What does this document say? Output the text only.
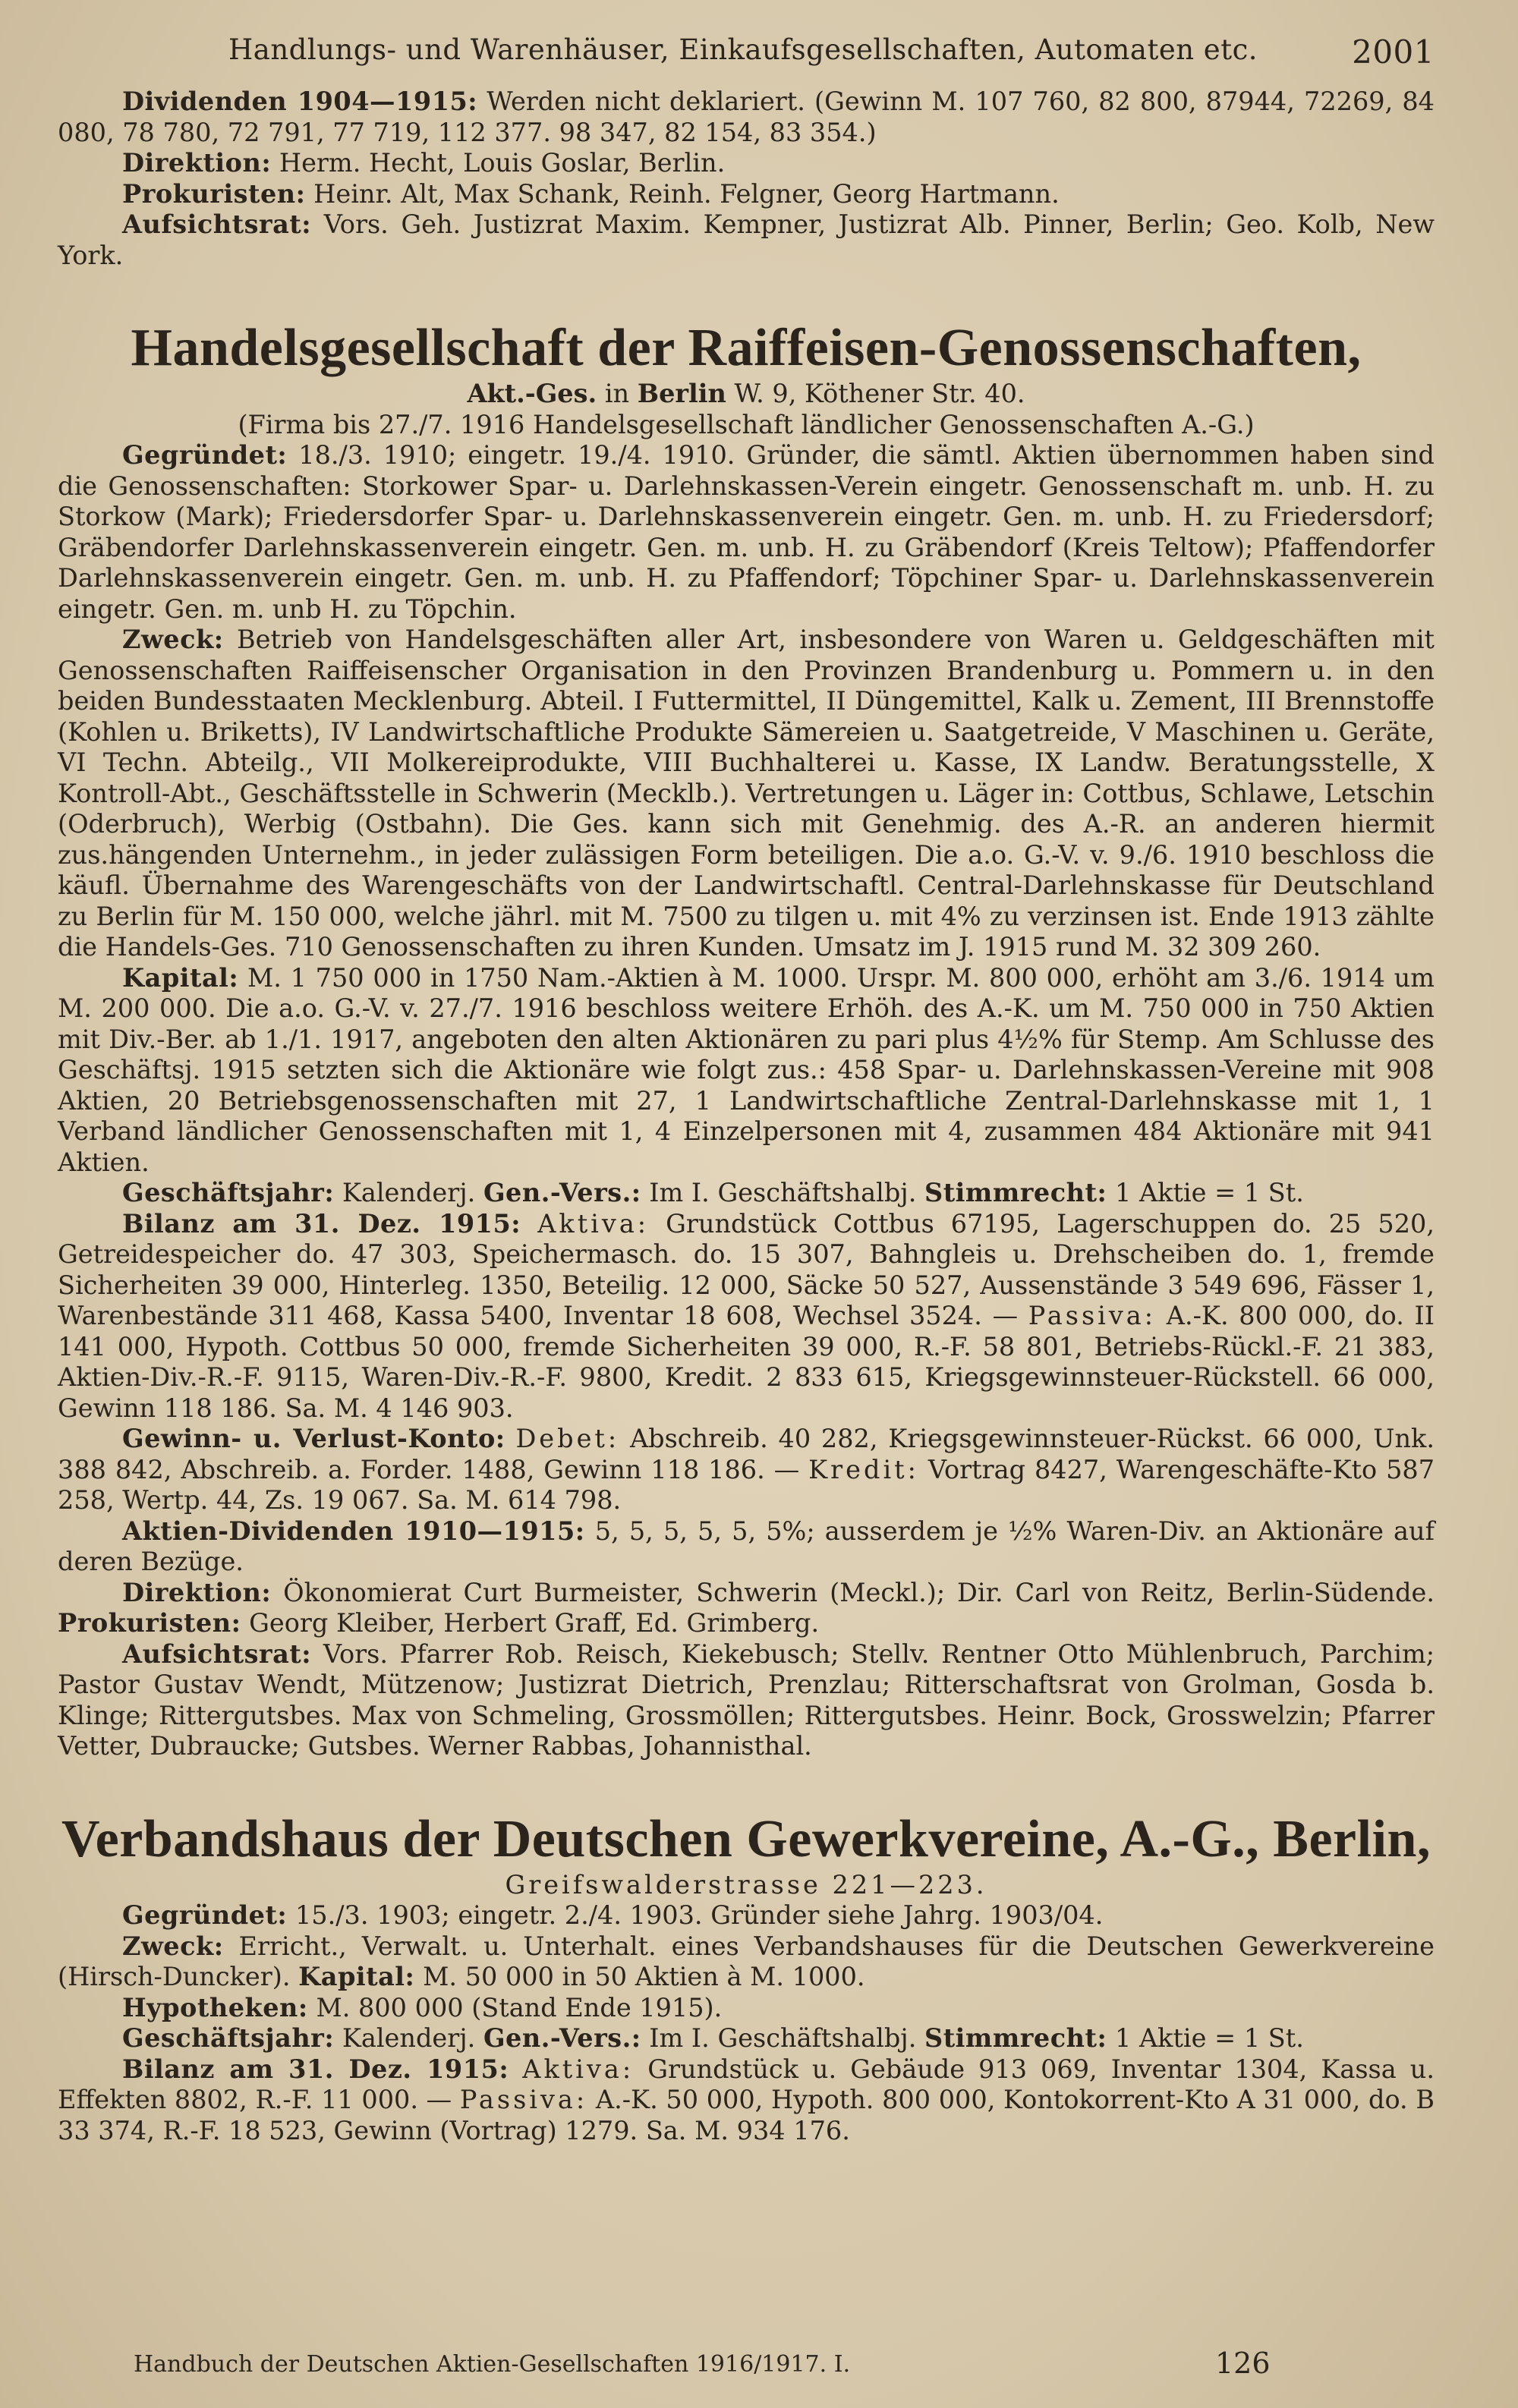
Handlungs- und Warenhäuser, Einkaufsgesellschaften, Automaten etc.	2001

Dividenden 1904—1915: Werden nicht deklariert. (Gewinn M. 107 760, 82 800, 87944, 72269, 84 080, 78 780, 72 791, 77 719, 112 377. 98 347, 82 154, 83 354.)

Direktion: Herm. Hecht, Louis Goslar, Berlin.

Prokuristen: Heinr. Alt, Max Schank, Reinh. Felgner, Georg Hartmann.

Aufsichtsrat: Vors. Geh. Justizrat Maxim. Kempner, Justizrat Alb. Pinner, Berlin; Geo. Kolb, New York.

Handelsgesellschaft der Raiffeisen-Genossenschaften,

Akt.-Ges. in Berlin W. 9, Köthener Str. 40.

(Firma bis 27./7. 1916 Handelsgesellschaft ländlicher Genossenschaften A.-G.)

Gegründet: 18./3. 1910; eingetr. 19./4. 1910. Gründer, die sämtl. Aktien übernommen haben sind die Genossenschaften: Storkower Spar- u. Darlehnskassen-Verein eingetr. Genossenschaft m. unb. H. zu Storkow (Mark); Friedersdorfer Spar- u. Darlehnskassenverein eingetr. Gen. m. unb. H. zu Friedersdorf; Gräbendorfer Darlehnskassenverein eingetr. Gen. m. unb. H. zu Gräbendorf (Kreis Teltow); Pfaffendorfer Darlehnskassenverein eingetr. Gen. m. unb. H. zu Pfaffendorf; Töpchiner Spar- u. Darlehnskassenverein eingetr. Gen. m. unb H. zu Töpchin.

Zweck: Betrieb von Handelsgeschäften aller Art, insbesondere von Waren u. Geldgeschäften mit Genossenschaften Raiffeisenscher Organisation in den Provinzen Brandenburg u. Pommern u. in den beiden Bundesstaaten Mecklenburg. Abteil. I Futtermittel, II Düngemittel, Kalk u. Zement, III Brennstoffe (Kohlen u. Briketts), IV Landwirtschaftliche Produkte Sämereien u. Saatgetreide, V Maschinen u. Geräte, VI Techn. Abteilg., VII Molkereiprodukte, VIII Buchhalterei u. Kasse, IX Landw. Beratungsstelle, X Kontroll-Abt., Geschäftsstelle in Schwerin (Mecklb.). Vertretungen u. Läger in: Cottbus, Schlawe, Letschin (Oderbruch), Werbig (Ostbahn). Die Ges. kann sich mit Genehmig. des A.-R. an anderen hiermit zus.hängenden Unternehm., in jeder zulässigen Form beteiligen. Die a.o. G.-V. v. 9./6. 1910 beschloss die käufl. Übernahme des Warengeschäfts von der Landwirtschaftl. Central-Darlehnskasse für Deutschland zu Berlin für M. 150 000, welche jährl. mit M. 7500 zu tilgen u. mit 4% zu verzinsen ist. Ende 1913 zählte die Handels-Ges. 710 Genossenschaften zu ihren Kunden. Umsatz im J. 1915 rund M. 32 309 260.

Kapital: M. 1 750 000 in 1750 Nam.-Aktien à M. 1000. Urspr. M. 800 000, erhöht am 3./6. 1914 um M. 200 000. Die a.o. G.-V. v. 27./7. 1916 beschloss weitere Erhöh. des A.-K. um M. 750 000 in 750 Aktien mit Div.-Ber. ab 1./1. 1917, angeboten den alten Aktionären zu pari plus 4½% für Stemp. Am Schlusse des Geschäftsj. 1915 setzten sich die Aktionäre wie folgt zus.: 458 Spar- u. Darlehnskassen-Vereine mit 908 Aktien, 20 Betriebsgenossenschaften mit 27, 1 Landwirtschaftliche Zentral-Darlehnskasse mit 1, 1 Verband ländlicher Genossenschaften mit 1, 4 Einzelpersonen mit 4, zusammen 484 Aktionäre mit 941 Aktien.

Geschäftsjahr: Kalenderj. Gen.-Vers.: Im I. Geschäftshalbj. Stimmrecht: 1 Aktie = 1 St.

Bilanz am 31. Dez. 1915: Aktiva: Grundstück Cottbus 67195, Lagerschuppen do. 25 520, Getreidespeicher do. 47 303, Speichermasch. do. 15 307, Bahngleis u. Drehscheiben do. 1, fremde Sicherheiten 39 000, Hinterleg. 1350, Beteilig. 12 000, Säcke 50 527, Aussenstände 3 549 696, Fässer 1, Warenbestände 311 468, Kassa 5400, Inventar 18 608, Wechsel 3524. — Passiva: A.-K. 800 000, do. II 141 000, Hypoth. Cottbus 50 000, fremde Sicherheiten 39 000, R.-F. 58 801, Betriebs-Rückl.-F. 21 383, Aktien-Div.-R.-F. 9115, Waren-Div.-R.-F. 9800, Kredit. 2 833 615, Kriegsgewinnsteuer-Rückstell. 66 000, Gewinn 118 186. Sa. M. 4 146 903.

Gewinn- u. Verlust-Konto: Debet: Abschreib. 40 282, Kriegsgewinnsteuer-Rückst. 66 000, Unk. 388 842, Abschreib. a. Forder. 1488, Gewinn 118 186. — Kredit: Vortrag 8427, Warengeschäfte-Kto 587 258, Wertp. 44, Zs. 19 067. Sa. M. 614 798.

Aktien-Dividenden 1910—1915: 5, 5, 5, 5, 5, 5%; ausserdem je ½% Waren-Div. an Aktionäre auf deren Bezüge.

Direktion: Ökonomierat Curt Burmeister, Schwerin (Meckl.); Dir. Carl von Reitz, Berlin-Südende. Prokuristen: Georg Kleiber, Herbert Graff, Ed. Grimberg.

Aufsichtsrat: Vors. Pfarrer Rob. Reisch, Kiekebusch; Stellv. Rentner Otto Mühlenbruch, Parchim; Pastor Gustav Wendt, Mützenow; Justizrat Dietrich, Prenzlau; Ritterschaftsrat von Grolman, Gosda b. Klinge; Rittergutsbes. Max von Schmeling, Grossmöllen; Rittergutsbes. Heinr. Bock, Grosswelzin; Pfarrer Vetter, Dubraucke; Gutsbes. Werner Rabbas, Johannisthal.

Verbandshaus der Deutschen Gewerkvereine, A.-G., Berlin,

Greifswalderstrasse 221—223.

Gegründet: 15./3. 1903; eingetr. 2./4. 1903. Gründer siehe Jahrg. 1903/04.

Zweck: Erricht., Verwalt. u. Unterhalt. eines Verbandshauses für die Deutschen Gewerkvereine (Hirsch-Duncker). Kapital: M. 50 000 in 50 Aktien à M. 1000.

Hypotheken: M. 800 000 (Stand Ende 1915).

Geschäftsjahr: Kalenderj. Gen.-Vers.: Im I. Geschäftshalbj. Stimmrecht: 1 Aktie = 1 St.

Bilanz am 31. Dez. 1915: Aktiva: Grundstück u. Gebäude 913 069, Inventar 1304, Kassa u. Effekten 8802, R.-F. 11 000. — Passiva: A.-K. 50 000, Hypoth. 800 000, Kontokorrent-Kto A 31 000, do. B 33 374, R.-F. 18 523, Gewinn (Vortrag) 1279. Sa. M. 934 176.

Handbuch der Deutschen Aktien-Gesellschaften 1916/1917. I.	126
